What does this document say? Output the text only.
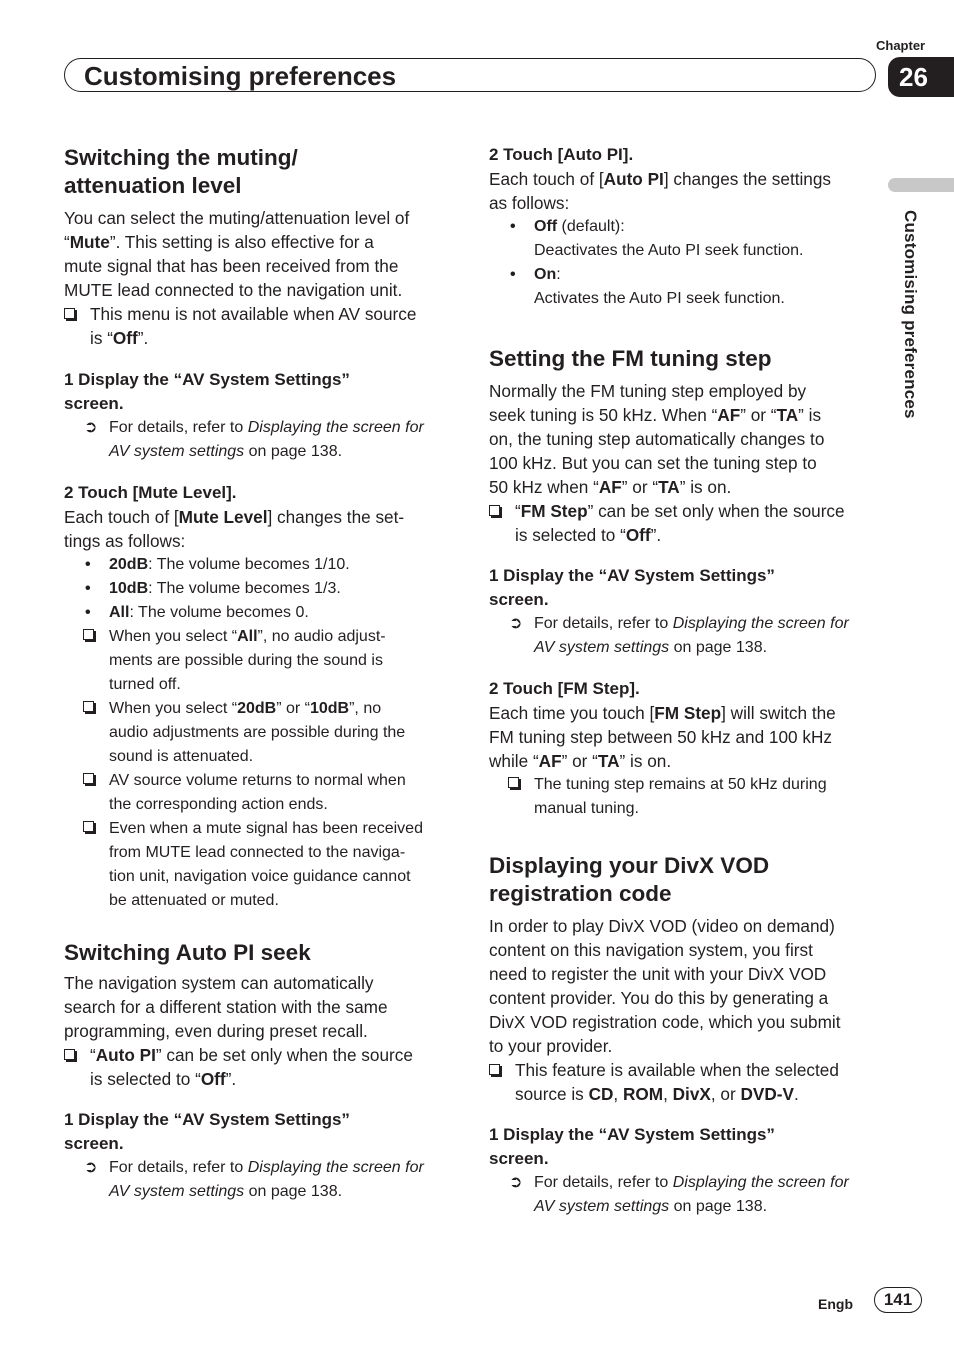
Chapter
26
Customising preferences
Customising preferences
Switching the muting/
attenuation level

You can select the muting/attenuation level of
“Mute”. This setting is also effective for a
mute signal that has been received from the
MUTE lead connected to the navigation unit.

This menu is not available when AV source
is “Off”.
1 Display the “AV System Settings”
screen.
➲ For details, refer to Displaying the screen for
AV system settings on page 138.
2 Touch [Mute Level].

Each touch of [Mute Level] changes the set-
tings as follows:

• 20dB: The volume becomes 1/10.
• 10dB: The volume becomes 1/3.
• All: The volume becomes 0.
When you select “All”, no audio adjust-
ments are possible during the sound is
turned off.
When you select “20dB” or “10dB”, no
audio adjustments are possible during the
sound is attenuated.
AV source volume returns to normal when
the corresponding action ends.
Even when a mute signal has been received
from MUTE lead connected to the naviga-
tion unit, navigation voice guidance cannot
be attenuated or muted.
Switching Auto PI seek

The navigation system can automatically
search for a different station with the same
programming, even during preset recall.

“Auto PI” can be set only when the source
is selected to “Off”.
1 Display the “AV System Settings”
screen.
➲ For details, refer to Displaying the screen for
AV system settings on page 138.
2 Touch [Auto PI].

Each touch of [Auto PI] changes the settings
as follows:

• Off (default):
Deactivates the Auto PI seek function.
• On:
Activates the Auto PI seek function.
Setting the FM tuning step

Normally the FM tuning step employed by
seek tuning is 50 kHz. When “AF” or “TA” is
on, the tuning step automatically changes to
100 kHz. But you can set the tuning step to
50 kHz when “AF” or “TA” is on.

“FM Step” can be set only when the source
is selected to “Off”.
1 Display the “AV System Settings”
screen.
➲ For details, refer to Displaying the screen for
AV system settings on page 138.
2 Touch [FM Step].

Each time you touch [FM Step] will switch the
FM tuning step between 50 kHz and 100 kHz
while “AF” or “TA” is on.

The tuning step remains at 50 kHz during
manual tuning.
Displaying your DivX VOD
registration code

In order to play DivX VOD (video on demand)
content on this navigation system, you first
need to register the unit with your DivX VOD
content provider. You do this by generating a
DivX VOD registration code, which you submit
to your provider.

This feature is available when the selected
source is CD, ROM, DivX, or DVD-V.
1 Display the “AV System Settings”
screen.
➲ For details, refer to Displaying the screen for
AV system settings on page 138.
Engb	141
